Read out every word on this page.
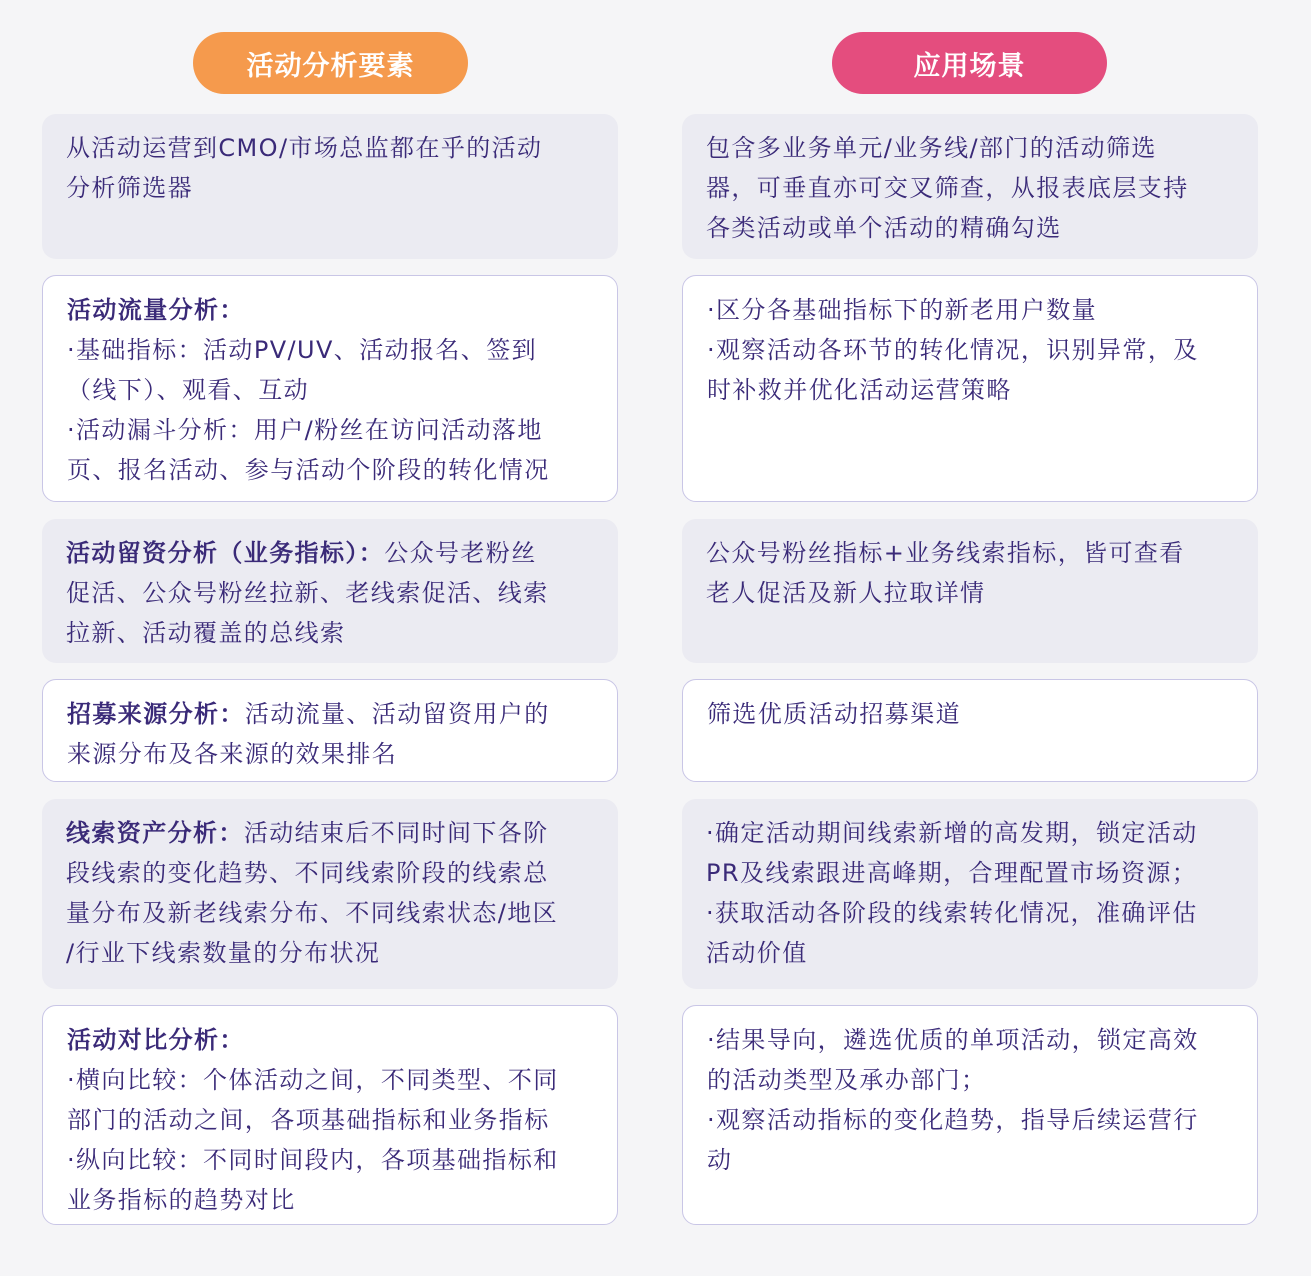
活动分析要素	应用场景
从活动运营到CMO/市场总监都在乎的活动
分析筛选器
包含多业务单元/业务线/部门的活动筛选
器，可垂直亦可交叉筛查，从报表底层支持
各类活动或单个活动的精确勾选
活动流量分析：
·基础指标：活动PV/UV、活动报名、签到
（线下）、观看、互动
·活动漏斗分析：用户/粉丝在访问活动落地
页、报名活动、参与活动个阶段的转化情况
·区分各基础指标下的新老用户数量
·观察活动各环节的转化情况，识别异常，及
时补救并优化活动运营策略
活动留资分析（业务指标）：公众号老粉丝
促活、公众号粉丝拉新、老线索促活、线索
拉新、活动覆盖的总线索
公众号粉丝指标+业务线索指标，皆可查看
老人促活及新人拉取详情
招募来源分析：活动流量、活动留资用户的
来源分布及各来源的效果排名
筛选优质活动招募渠道
线索资产分析：活动结束后不同时间下各阶
段线索的变化趋势、不同线索阶段的线索总
量分布及新老线索分布、不同线索状态/地区
/行业下线索数量的分布状况
·确定活动期间线索新增的高发期，锁定活动
PR及线索跟进高峰期，合理配置市场资源；
·获取活动各阶段的线索转化情况，准确评估
活动价值
活动对比分析：
·横向比较：个体活动之间，不同类型、不同
部门的活动之间，各项基础指标和业务指标
·纵向比较：不同时间段内，各项基础指标和
业务指标的趋势对比
·结果导向，遴选优质的单项活动，锁定高效
的活动类型及承办部门；
·观察活动指标的变化趋势，指导后续运营行
动
